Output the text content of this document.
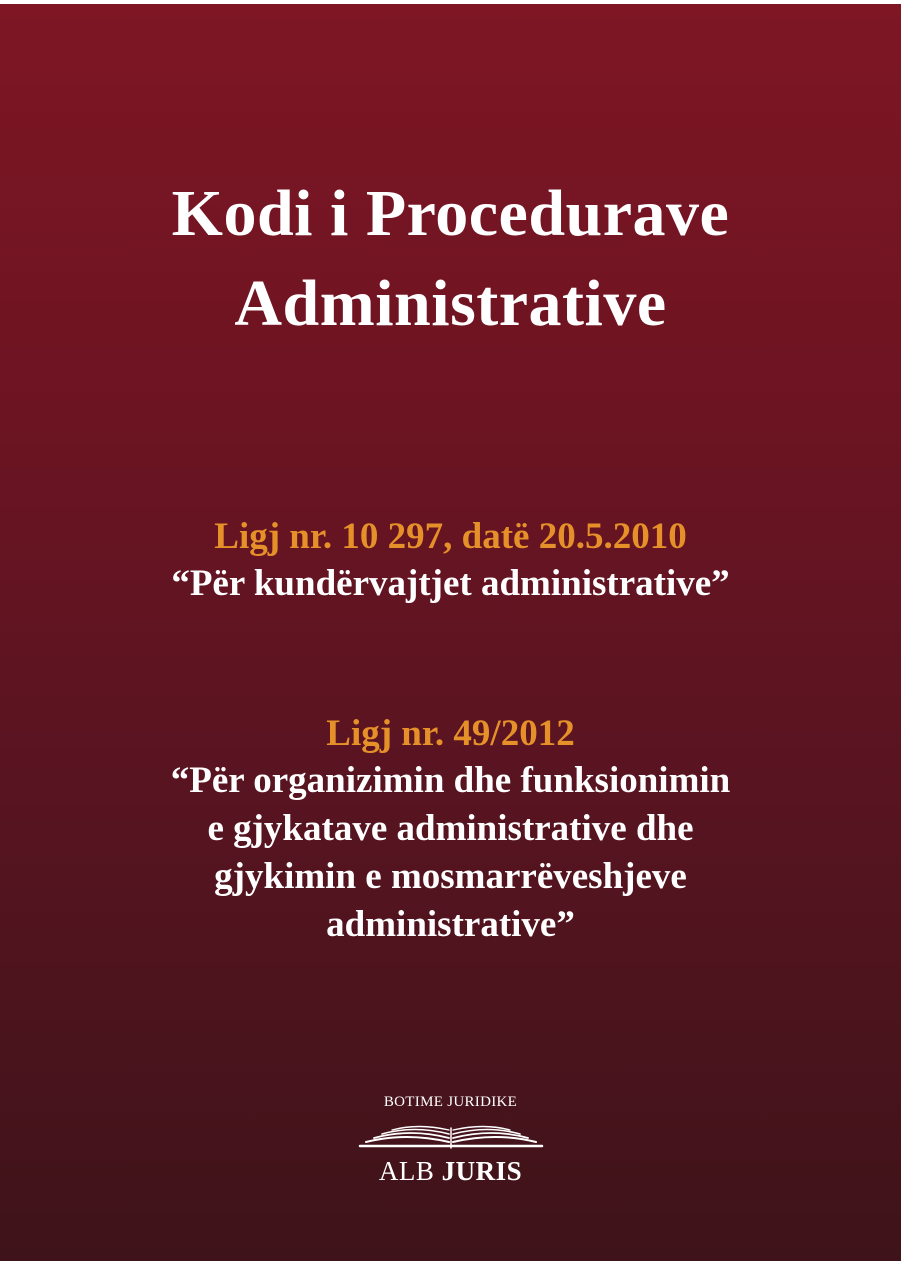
Kodi i Procedurave
Administrative
Ligj nr. 10 297, datë 20.5.2010
“Për kundërvajtjet administrative”
Ligj nr. 49/2012
“Për organizimin dhe funksionimin
e gjykatave administrative dhe
gjykimin e mosmarrëveshjeve
administrative”
BOTIME JURIDIKE
ALB JURIS
